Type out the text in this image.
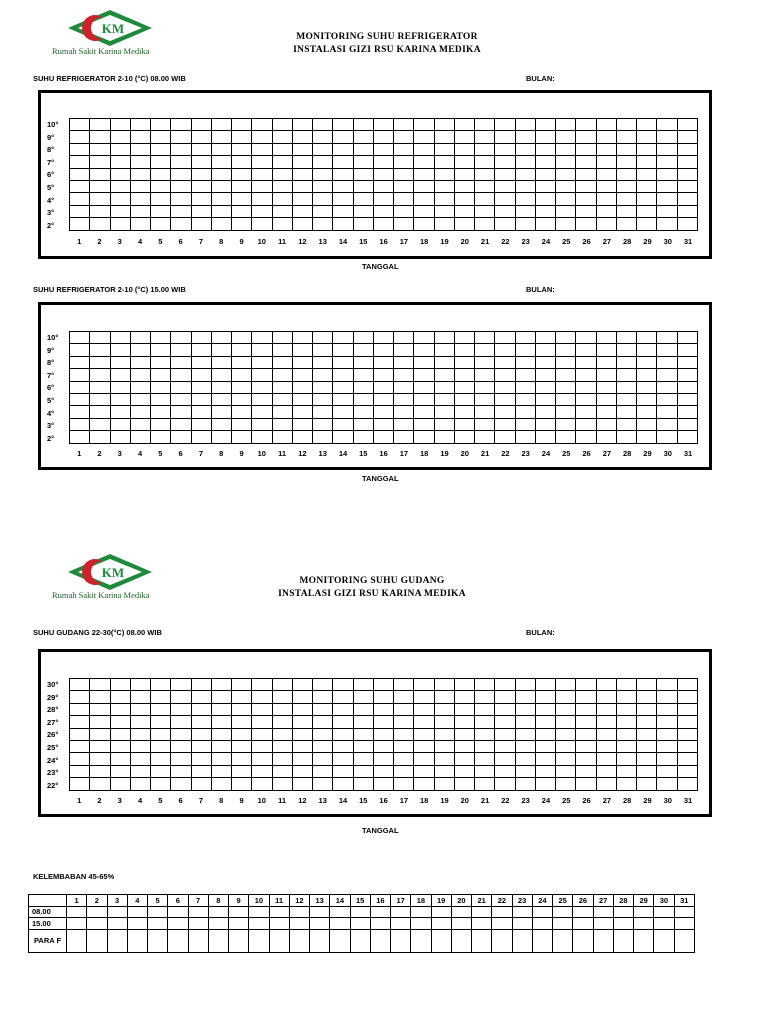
KM
Rumah Sakit Karina Medika
MONITORING SUHU REFRIGERATOR
INSTALASI GIZI RSU KARINA MEDIKA
SUHU REFRIGERATOR 2-10 (°C) 08.00 WIB	BULAN:

10°
9°
8°
7°
6°
5°
4°
3°
2°
1	2	3	4	5	6	7	8	9	10	11	12	13	14	15	16	17	18	19	20	21	22	23	24	25	26	27	28	29	30	31
TANGGAL
SUHU REFRIGERATOR 2-10 (°C) 15.00 WIB	BULAN:

10°
9°
8°
7°
6°
5°
4°
3°
2°
1	2	3	4	5	6	7	8	9	10	11	12	13	14	15	16	17	18	19	20	21	22	23	24	25	26	27	28	29	30	31
TANGGAL
KM
Rumah Sakit Karina Medika
MONITORING SUHU GUDANG
INSTALASI GIZI RSU KARINA MEDIKA
SUHU GUDANG 22-30(°C) 08.00 WIB	BULAN:

30°
29°
28°
27°
26°
25°
24°
23°
22°
1	2	3	4	5	6	7	8	9	10	11	12	13	14	15	16	17	18	19	20	21	22	23	24	25	26	27	28	29	30	31
TANGGAL
KELEMBABAN 45-65%
	1	2	3	4	5	6	7	8	9	10	11	12	13	14	15	16	17	18	19	20	21	22	23	24	25	26	27	28	29	30	31
08.00																															
15.00																															
PARA F																															
